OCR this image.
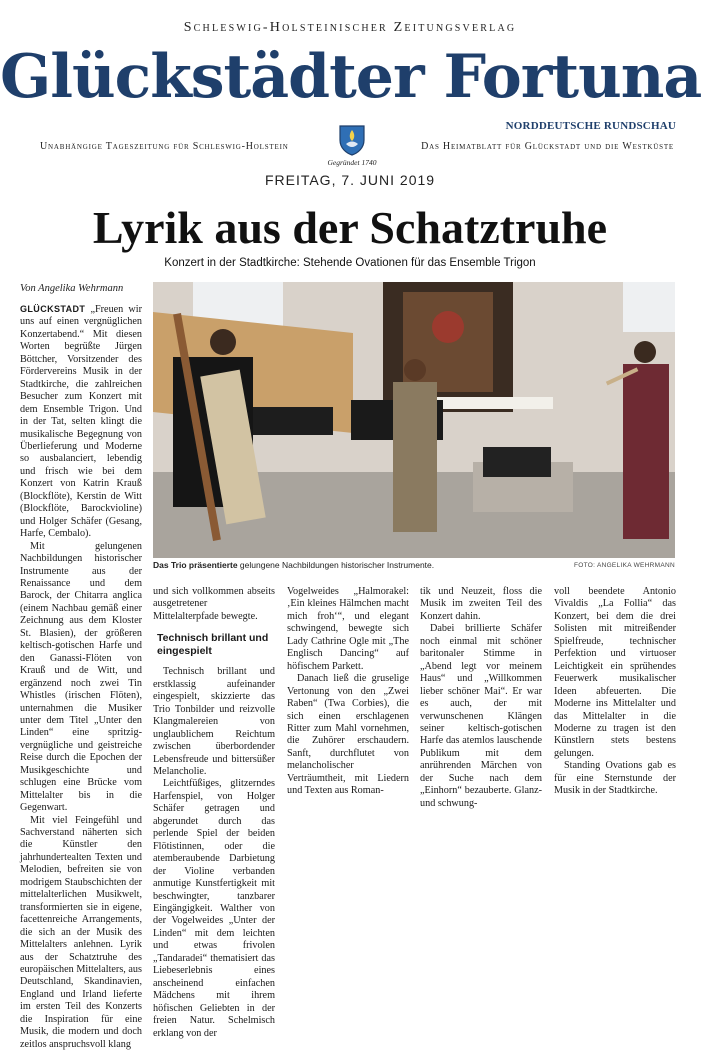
Schleswig-Holsteinischer Zeitungsverlag
Glückstädter Fortuna
NORDDEUTSCHE RUNDSCHAU
Unabhängige Tageszeitung für Schleswig-Holstein	Das Heimatblatt für Glückstadt und die Westküste
Gegründet 1740
FREITAG, 7. JUNI 2019
Lyrik aus der Schatztruhe
Konzert in der Stadtkirche: Stehende Ovationen für das Ensemble Trigon
Von Angelika Wehrmann
Das Trio präsentierte gelungene Nachbildungen historischer Instrumente.	FOTO: ANGELIKA WEHRMANN

GLÜCKSTADT „Freuen wir uns auf einen vergnüglichen Konzertabend.“ Mit diesen Worten begrüßte Jürgen Böttcher, Vorsitzender des Fördervereins Musik in der Stadtkirche, die zahlreichen Besucher zum Konzert mit dem Ensemble Trigon. Und in der Tat, selten klingt die musikalische Begegnung von Überlieferung und Moderne so ausbalanciert, lebendig und frisch wie bei dem Konzert von Katrin Krauß (Blockflöte), Kerstin de Witt (Blockflöte, Barockvioline) und Holger Schäfer (Gesang, Harfe, Cembalo).

Mit gelungenen Nachbildungen historischer Instrumente aus der Renaissance und dem Barock, der Chitarra anglica (einem Nachbau gemäß einer Zeichnung aus dem Kloster St. Blasien), der größeren keltisch-gotischen Harfe und den Ganassi-Flöten von Krauß und de Witt, und ergänzend noch zwei Tin Whistles (irischen Flöten), unternahmen die Musiker unter dem Titel „Unter den Linden“ eine spritzig-vergnügliche und geistreiche Reise durch die Epochen der Musikgeschichte und schlugen eine Brücke vom Mittelalter bis in die Gegenwart.

Mit viel Feingefühl und Sachverstand näherten sich die Künstler den jahrhundertealten Texten und Melodien, befreiten sie von modrigem Staubschichten der mittelalterlichen Musikwelt, transformierten sie in eigene, facettenreiche Arrangements, die sich an der Musik des Mittelalters anlehnen. Lyrik aus der Schatztruhe des europäischen Mittelalters, aus Deutschland, Skandinavien, England und Irland lieferte im ersten Teil des Konzerts die Inspiration für eine Musik, die modern und doch zeitlos anspruchsvoll klang

und sich vollkommen abseits ausgetretener Mittelalterpfade bewegte.

Technisch brillant und eingespielt

Technisch brillant und erstklassig aufeinander eingespielt, skizzierte das Trio Tonbilder und reizvolle Klangmalereien von unglaublichem Reichtum zwischen überbordender Lebensfreude und bittersüßer Melancholie.

Leichtfüßiges, glitzerndes Harfenspiel, von Holger Schäfer getragen und abgerundet durch das perlende Spiel der beiden Flötistinnen, oder die atemberaubende Darbietung der Violine verbanden anmutige Kunstfertigkeit mit beschwingter, tanzbarer Eingängigkeit. Walther von der Vogelweides „Unter der Linden“ mit dem leichten und etwas frivolen „Tandaradei“ thematisiert das Liebeserlebnis eines anscheinend einfachen Mädchens mit ihrem höfischen Geliebten in der freien Natur. Schelmisch erklang von der

Vogelweides „Halmorakel: ‚Ein kleines Hälmchen macht mich froh‘“, und elegant schwingend, bewegte sich Lady Cathrine Ogle mit „The Englisch Dancing“ auf höfischem Parkett.

Danach ließ die gruselige Vertonung von den „Zwei Raben“ (Twa Corbies), die sich einen erschlagenen Ritter zum Mahl vornehmen, die Zuhörer erschaudern. Sanft, durchflutet von melancholischer Verträumtheit, mit Liedern und Texten aus Roman-

tik und Neuzeit, floss die Musik im zweiten Teil des Konzert dahin.

Dabei brillierte Schäfer noch einmal mit schöner baritonaler Stimme in „Abend legt vor meinem Haus“ und „Willkommen lieber schöner Mai“. Er war es auch, der mit verwunschenen Klängen seiner keltisch-gotischen Harfe das atemlos lauschende Publikum mit dem anrührenden Märchen von der Suche nach dem „Einhorn“ bezauberte. Glanz- und schwung-

voll beendete Antonio Vivaldis „La Follia“ das Konzert, bei dem die drei Solisten mit mitreißender Spielfreude, technischer Perfektion und virtuoser Leichtigkeit ein sprühendes Feuerwerk musikalischer Ideen abfeuerten. Die Moderne ins Mittelalter und das Mittelalter in die Moderne zu tragen ist den Künstlern stets bestens gelungen.

Standing Ovations gab es für eine Sternstunde der Musik in der Stadtkirche.
